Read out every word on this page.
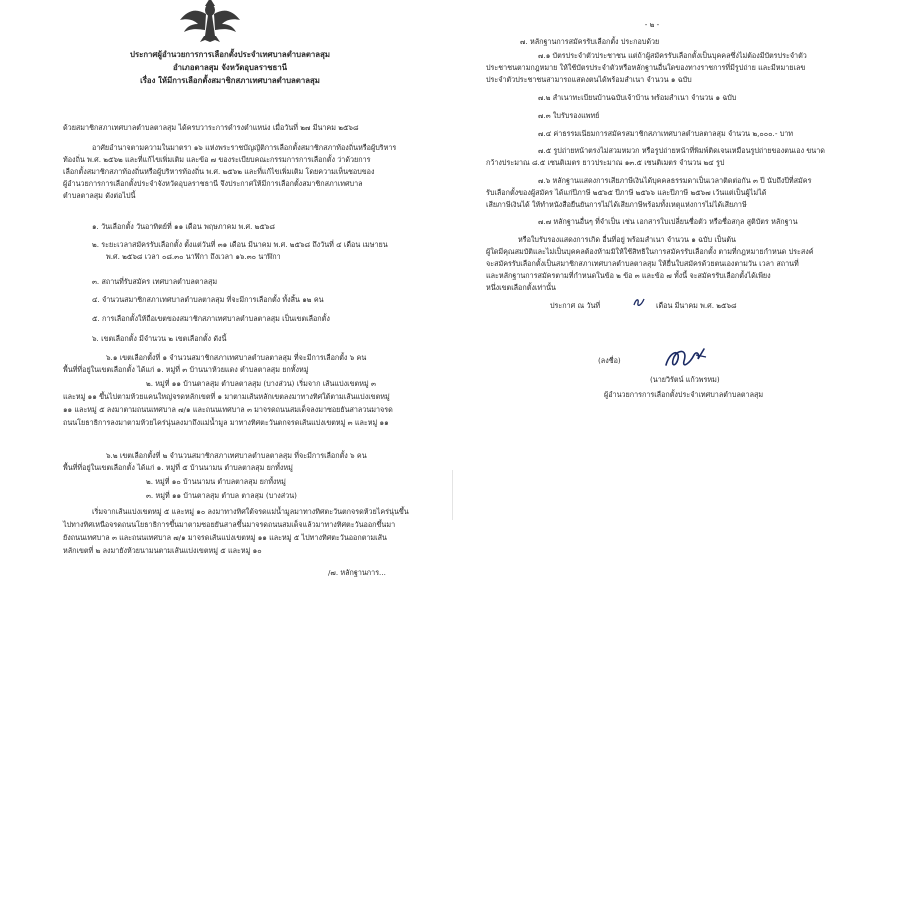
ประกาศผู้อำนวยการการเลือกตั้งประจำเทศบาลตำบลตาลสุม
อำเภอตาลสุม จังหวัดอุบลราชธานี
เรื่อง ให้มีการเลือกตั้งสมาชิกสภาเทศบาลตำบลตาลสุม
ด้วยสมาชิกสภาเทศบาลตำบลตาลสุม ได้ครบวาระการดำรงตำแหน่ง เมื่อวันที่ ๒๗ มีนาคม ๒๕๖๘
อาศัยอำนาจตามความในมาตรา ๑๖ แห่งพระราชบัญญัติการเลือกตั้งสมาชิกสภาท้องถิ่นหรือผู้บริหาร
ท้องถิ่น พ.ศ. ๒๕๖๒ และที่แก้ไขเพิ่มเติม และข้อ ๗ ของระเบียบคณะกรรมการการเลือกตั้ง ว่าด้วยการ
เลือกตั้งสมาชิกสภาท้องถิ่นหรือผู้บริหารท้องถิ่น พ.ศ. ๒๕๖๒ และที่แก้ไขเพิ่มเติม โดยความเห็นชอบของ
ผู้อำนวยการการเลือกตั้งประจำจังหวัดอุบลราชธานี จึงประกาศให้มีการเลือกตั้งสมาชิกสภาเทศบาล
ตำบลตาลสุม ดังต่อไปนี้
๑. วันเลือกตั้ง วันอาทิตย์ที่ ๑๑ เดือน พฤษภาคม พ.ศ. ๒๕๖๘
๒. ระยะเวลาสมัครรับเลือกตั้ง ตั้งแต่วันที่ ๓๑ เดือน มีนาคม พ.ศ. ๒๕๖๘ ถึงวันที่ ๔ เดือน เมษายน
พ.ศ. ๒๕๖๘ เวลา ๐๘.๓๐ นาฬิกา ถึงเวลา ๑๖.๓๐ นาฬิกา
๓. สถานที่รับสมัคร เทศบาลตำบลตาลสุม
๔. จำนวนสมาชิกสภาเทศบาลตำบลตาลสุม ที่จะมีการเลือกตั้ง ทั้งสิ้น ๑๒ คน
๕. การเลือกตั้งให้ถือเขตของสมาชิกสภาเทศบาลตำบลตาลสุม เป็นเขตเลือกตั้ง
๖. เขตเลือกตั้ง มีจำนวน ๒ เขตเลือกตั้ง ดังนี้
๖.๑ เขตเลือกตั้งที่ ๑ จำนวนสมาชิกสภาเทศบาลตำบลตาลสุม ที่จะมีการเลือกตั้ง ๖ คน
พื้นที่ที่อยู่ในเขตเลือกตั้ง ได้แก่ ๑. หมู่ที่ ๓ บ้านนาห้วยแดง ตำบลตาลสุม ยกทั้งหมู่
๒. หมู่ที่ ๑๑ บ้านตาลสุม ตำบลตาลสุม (บางส่วน) เริ่มจาก เส้นแบ่งเขตหมู่ ๓
และหมู่ ๑๑ ขึ้นไปตามห้วยแคนใหญ่จรดหลักเขตที่ ๑ มาตามเส้นหลักเขตลงมาทางทิศใต้ตามเส้นแบ่งเขตหมู่
๑๑ และหมู่ ๕ ลงมาตามถนนเทศบาล ๗/๑ และถนนเทศบาล ๓ มาจรดถนนสมเด็จลงมาซอยยันสาลวนมาจรด
ถนนโยธาธิการลงมาตามห้วยไคร่นุ่นลงมาถึงแม่น้ำมูล มาทางทิศตะวันตกจรดเส้นแบ่งเขตหมู่ ๓ และหมู่ ๑๑
๖.๒ เขตเลือกตั้งที่ ๒ จำนวนสมาชิกสภาเทศบาลตำบลตาลสุม ที่จะมีการเลือกตั้ง ๖ คน
พื้นที่ที่อยู่ในเขตเลือกตั้ง ได้แก่ ๑. หมู่ที่ ๕ บ้านนามน ตำบลตาลสุม ยกทั้งหมู่
๒. หมู่ที่ ๑๐ บ้านนามน ตำบลตาลสุม ยกทั้งหมู่
๓. หมู่ที่ ๑๑ บ้านตาลสุม ตำบล ตาลสุม (บางส่วน)
เริ่มจากเส้นแบ่งเขตหมู่ ๕ และหมู่ ๑๐ ลงมาทางทิศใต้จรดแม่น้ำมูลมาทางทิศตะวันตกจรดห้วยไคร่นุ่นขึ้น
ไปทางทิศเหนือจรดถนนโยธาธิการขึ้นมาตามซอยยันสาลขึ้นมาจรดถนนสมเด็จแล้วมาทางทิศตะวันออกขึ้นมา
ยังถนนเทศบาล ๓ และถนนเทศบาล ๗/๑ มาจรดเส้นแบ่งเขตหมู่ ๑๑ และหมู่ ๕ ไปทางทิศตะวันออกตามเส้น
หลักเขตที่ ๒ ลงมายังห้วยนามนตามเส้นแบ่งเขตหมู่ ๕ และหมู่ ๑๐
/๗. หลักฐานการ...
- ๒ -
๗. หลักฐานการสมัครรับเลือกตั้ง ประกอบด้วย
๗.๑ บัตรประจำตัวประชาชน แต่ถ้าผู้สมัครรับเลือกตั้งเป็นบุคคลซึ่งไม่ต้องมีบัตรประจำตัว
ประชาชนตามกฎหมาย ให้ใช้บัตรประจำตัวหรือหลักฐานอื่นใดของทางราชการที่มีรูปถ่าย และมีหมายเลข
ประจำตัวประชาชนสามารถแสดงตนได้พร้อมสำเนา จำนวน ๑ ฉบับ
๗.๒ สำเนาทะเบียนบ้านฉบับเจ้าบ้าน พร้อมสำเนา จำนวน ๑ ฉบับ
๗.๓ ใบรับรองแพทย์
๗.๔ ค่าธรรมเนียมการสมัครสมาชิกสภาเทศบาลตำบลตาลสุม จำนวน ๒,๐๐๐.- บาท
๗.๕ รูปถ่ายหน้าตรงไม่สวมหมวก หรือรูปถ่ายหน้าที่พิมพ์ติดเจนเหมือนรูปถ่ายของตนเอง ขนาด
กว้างประมาณ ๘.๕ เซนติเมตร ยาวประมาณ ๑๓.๕ เซนติเมตร จำนวน ๒๔ รูป
๗.๖ หลักฐานแสดงการเสียภาษีเงินได้บุคคลธรรมดาเป็นเวลาติดต่อกัน ๓ ปี นับถึงปีที่สมัคร
รับเลือกตั้งของผู้สมัคร ได้แก่ปีภาษี ๒๕๖๕ ปีภาษี ๒๕๖๖ และปีภาษี ๒๕๖๗ เว้นแต่เป็นผู้ไม่ได้
เสียภาษีเงินได้ ให้ทำหนังสือยืนยันการไม่ได้เสียภาษีพร้อมทั้งเหตุแห่งการไม่ได้เสียภาษี
๗.๗ หลักฐานอื่นๆ ที่จำเป็น เช่น เอกสารใบเปลี่ยนชื่อตัว หรือชื่อสกุล สูติบัตร หลักฐาน
หรือใบรับรองแสดงการเกิด อื่นที่อยู่ พร้อมสำเนา จำนวน ๑ ฉบับ เป็นต้น
ผู้ใดมีคุณสมบัติและไม่เป็นบุคคลต้องห้ามมิให้ใช้สิทธิในการสมัครรับเลือกตั้ง ตามที่กฎหมายกำหนด ประสงค์
จะสมัครรับเลือกตั้งเป็นสมาชิกสภาเทศบาลตำบลตาลสุม ให้ยื่นใบสมัครด้วยตนเองตามวัน เวลา สถานที่
และหลักฐานการสมัครตามที่กำหนดในข้อ ๒ ข้อ ๓ และข้อ ๗ ทั้งนี้ จะสมัครรับเลือกตั้งได้เพียง
หนึ่งเขตเลือกตั้งเท่านั้น
ประกาศ ณ วันที่	เดือน มีนาคม พ.ศ. ๒๕๖๘
(ลงชื่อ)
(นายวิรัตน์ แก้วพรหม)
ผู้อำนวยการการเลือกตั้งประจำเทศบาลตำบลตาลสุม
